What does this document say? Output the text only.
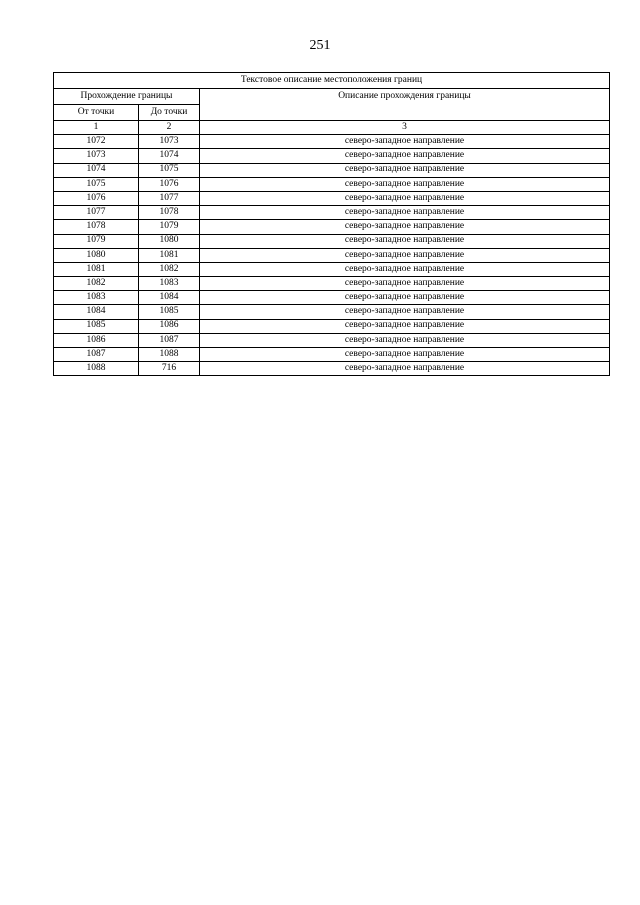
251
Текстовое описание местоположения границ		
Прохождение границы		Описание прохождения границы
От точки	До точки	
1	2	3
1072	1073	северо-западное направление
1073	1074	северо-западное направление
1074	1075	северо-западное направление
1075	1076	северо-западное направление
1076	1077	северо-западное направление
1077	1078	северо-западное направление
1078	1079	северо-западное направление
1079	1080	северо-западное направление
1080	1081	северо-западное направление
1081	1082	северо-западное направление
1082	1083	северо-западное направление
1083	1084	северо-западное направление
1084	1085	северо-западное направление
1085	1086	северо-западное направление
1086	1087	северо-западное направление
1087	1088	северо-западное направление
1088	716	северо-западное направление
